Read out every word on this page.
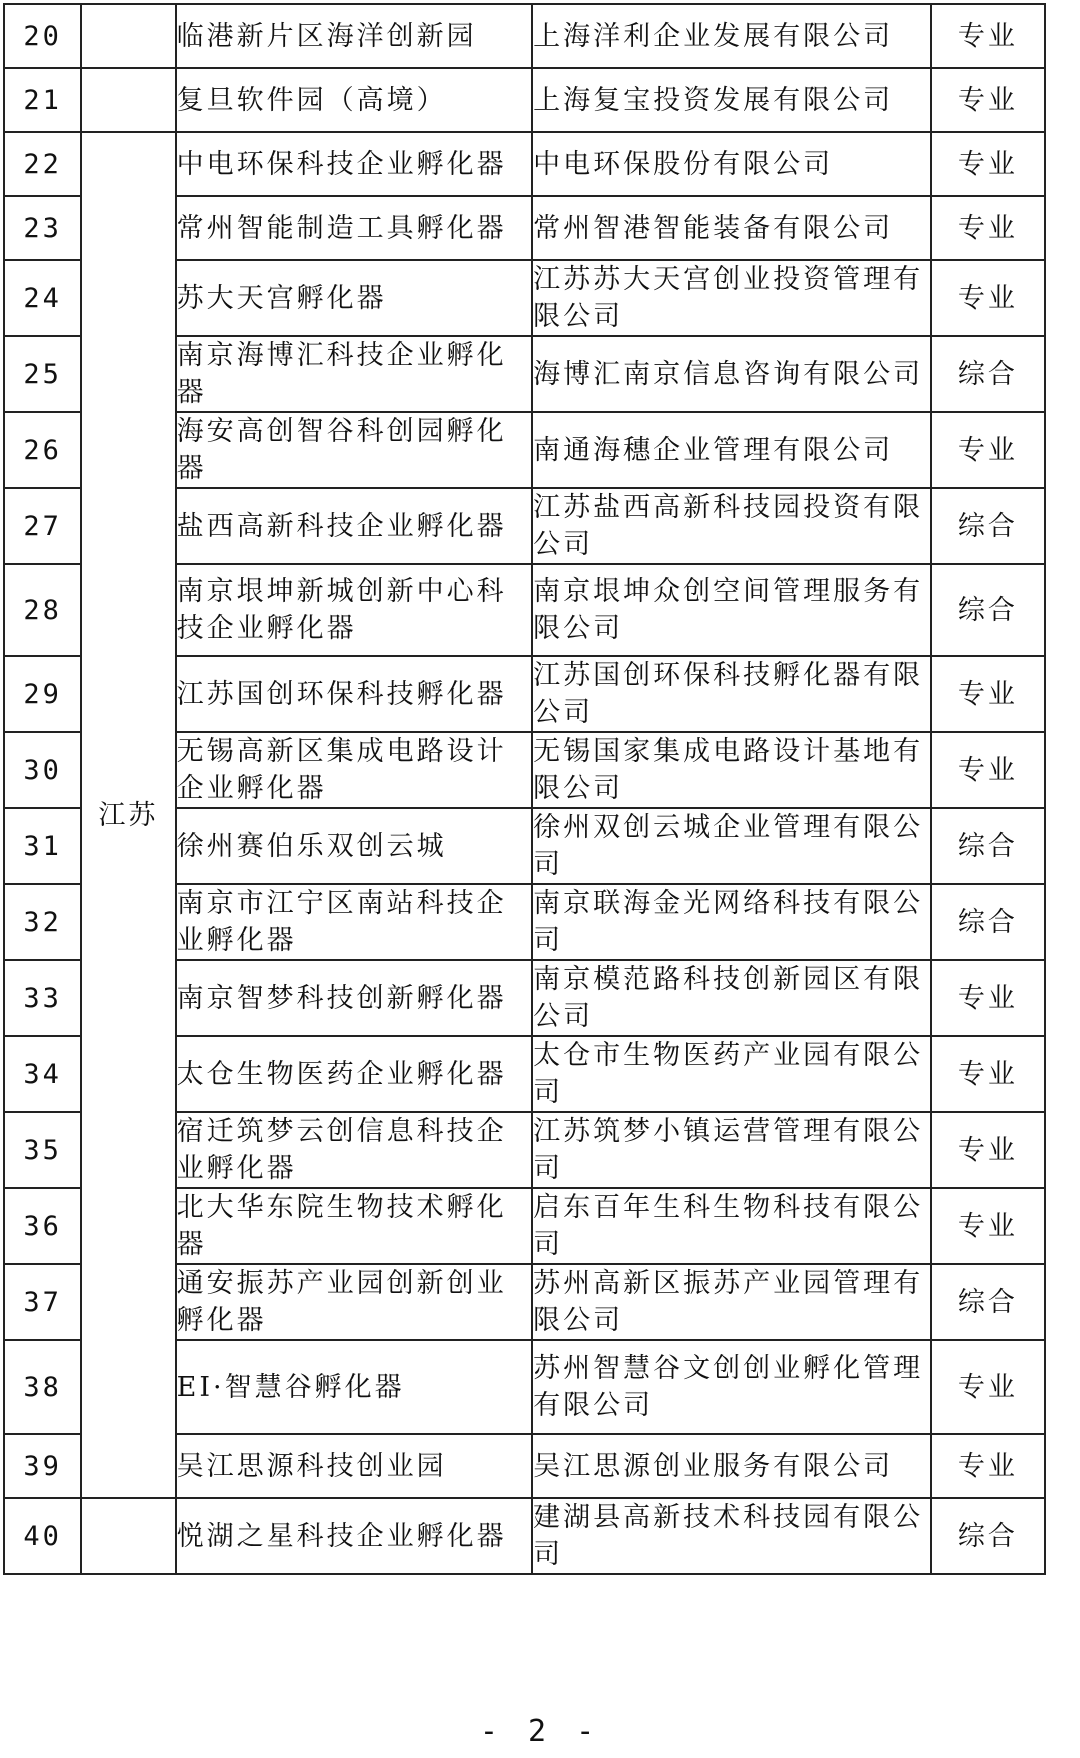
20		临港新片区海洋创新园	上海洋利企业发展有限公司	专业
21		复旦软件园（高境）	上海复宝投资发展有限公司	专业
22	江苏	中电环保科技企业孵化器	中电环保股份有限公司	专业
23		常州智能制造工具孵化器	常州智港智能装备有限公司	专业
24		苏大天宫孵化器	江苏苏大天宫创业投资管理有限公司	专业
25		南京海博汇科技企业孵化器	海博汇南京信息咨询有限公司	综合
26		海安高创智谷科创园孵化器	南通海穗企业管理有限公司	专业
27		盐西高新科技企业孵化器	江苏盐西高新科技园投资有限公司	综合
28		南京垠坤新城创新中心科技企业孵化器	南京垠坤众创空间管理服务有限公司	综合
29		江苏国创环保科技孵化器	江苏国创环保科技孵化器有限公司	专业
30		无锡高新区集成电路设计企业孵化器	无锡国家集成电路设计基地有限公司	专业
31		徐州赛伯乐双创云城	徐州双创云城企业管理有限公司	综合
32		南京市江宁区南站科技企业孵化器	南京联海金光网络科技有限公司	综合
33		南京智梦科技创新孵化器	南京模范路科技创新园区有限公司	专业
34		太仓生物医药企业孵化器	太仓市生物医药产业园有限公司	专业
35		宿迁筑梦云创信息科技企业孵化器	江苏筑梦小镇运营管理有限公司	专业
36		北大华东院生物技术孵化器	启东百年生科生物科技有限公司	专业
37		通安振苏产业园创新创业孵化器	苏州高新区振苏产业园管理有限公司	综合
38		EI·智慧谷孵化器	苏州智慧谷文创创业孵化管理有限公司	专业
39		吴江思源科技创业园	吴江思源创业服务有限公司	专业
40		悦湖之星科技企业孵化器	建湖县高新技术科技园有限公司	综合
- 2 -
